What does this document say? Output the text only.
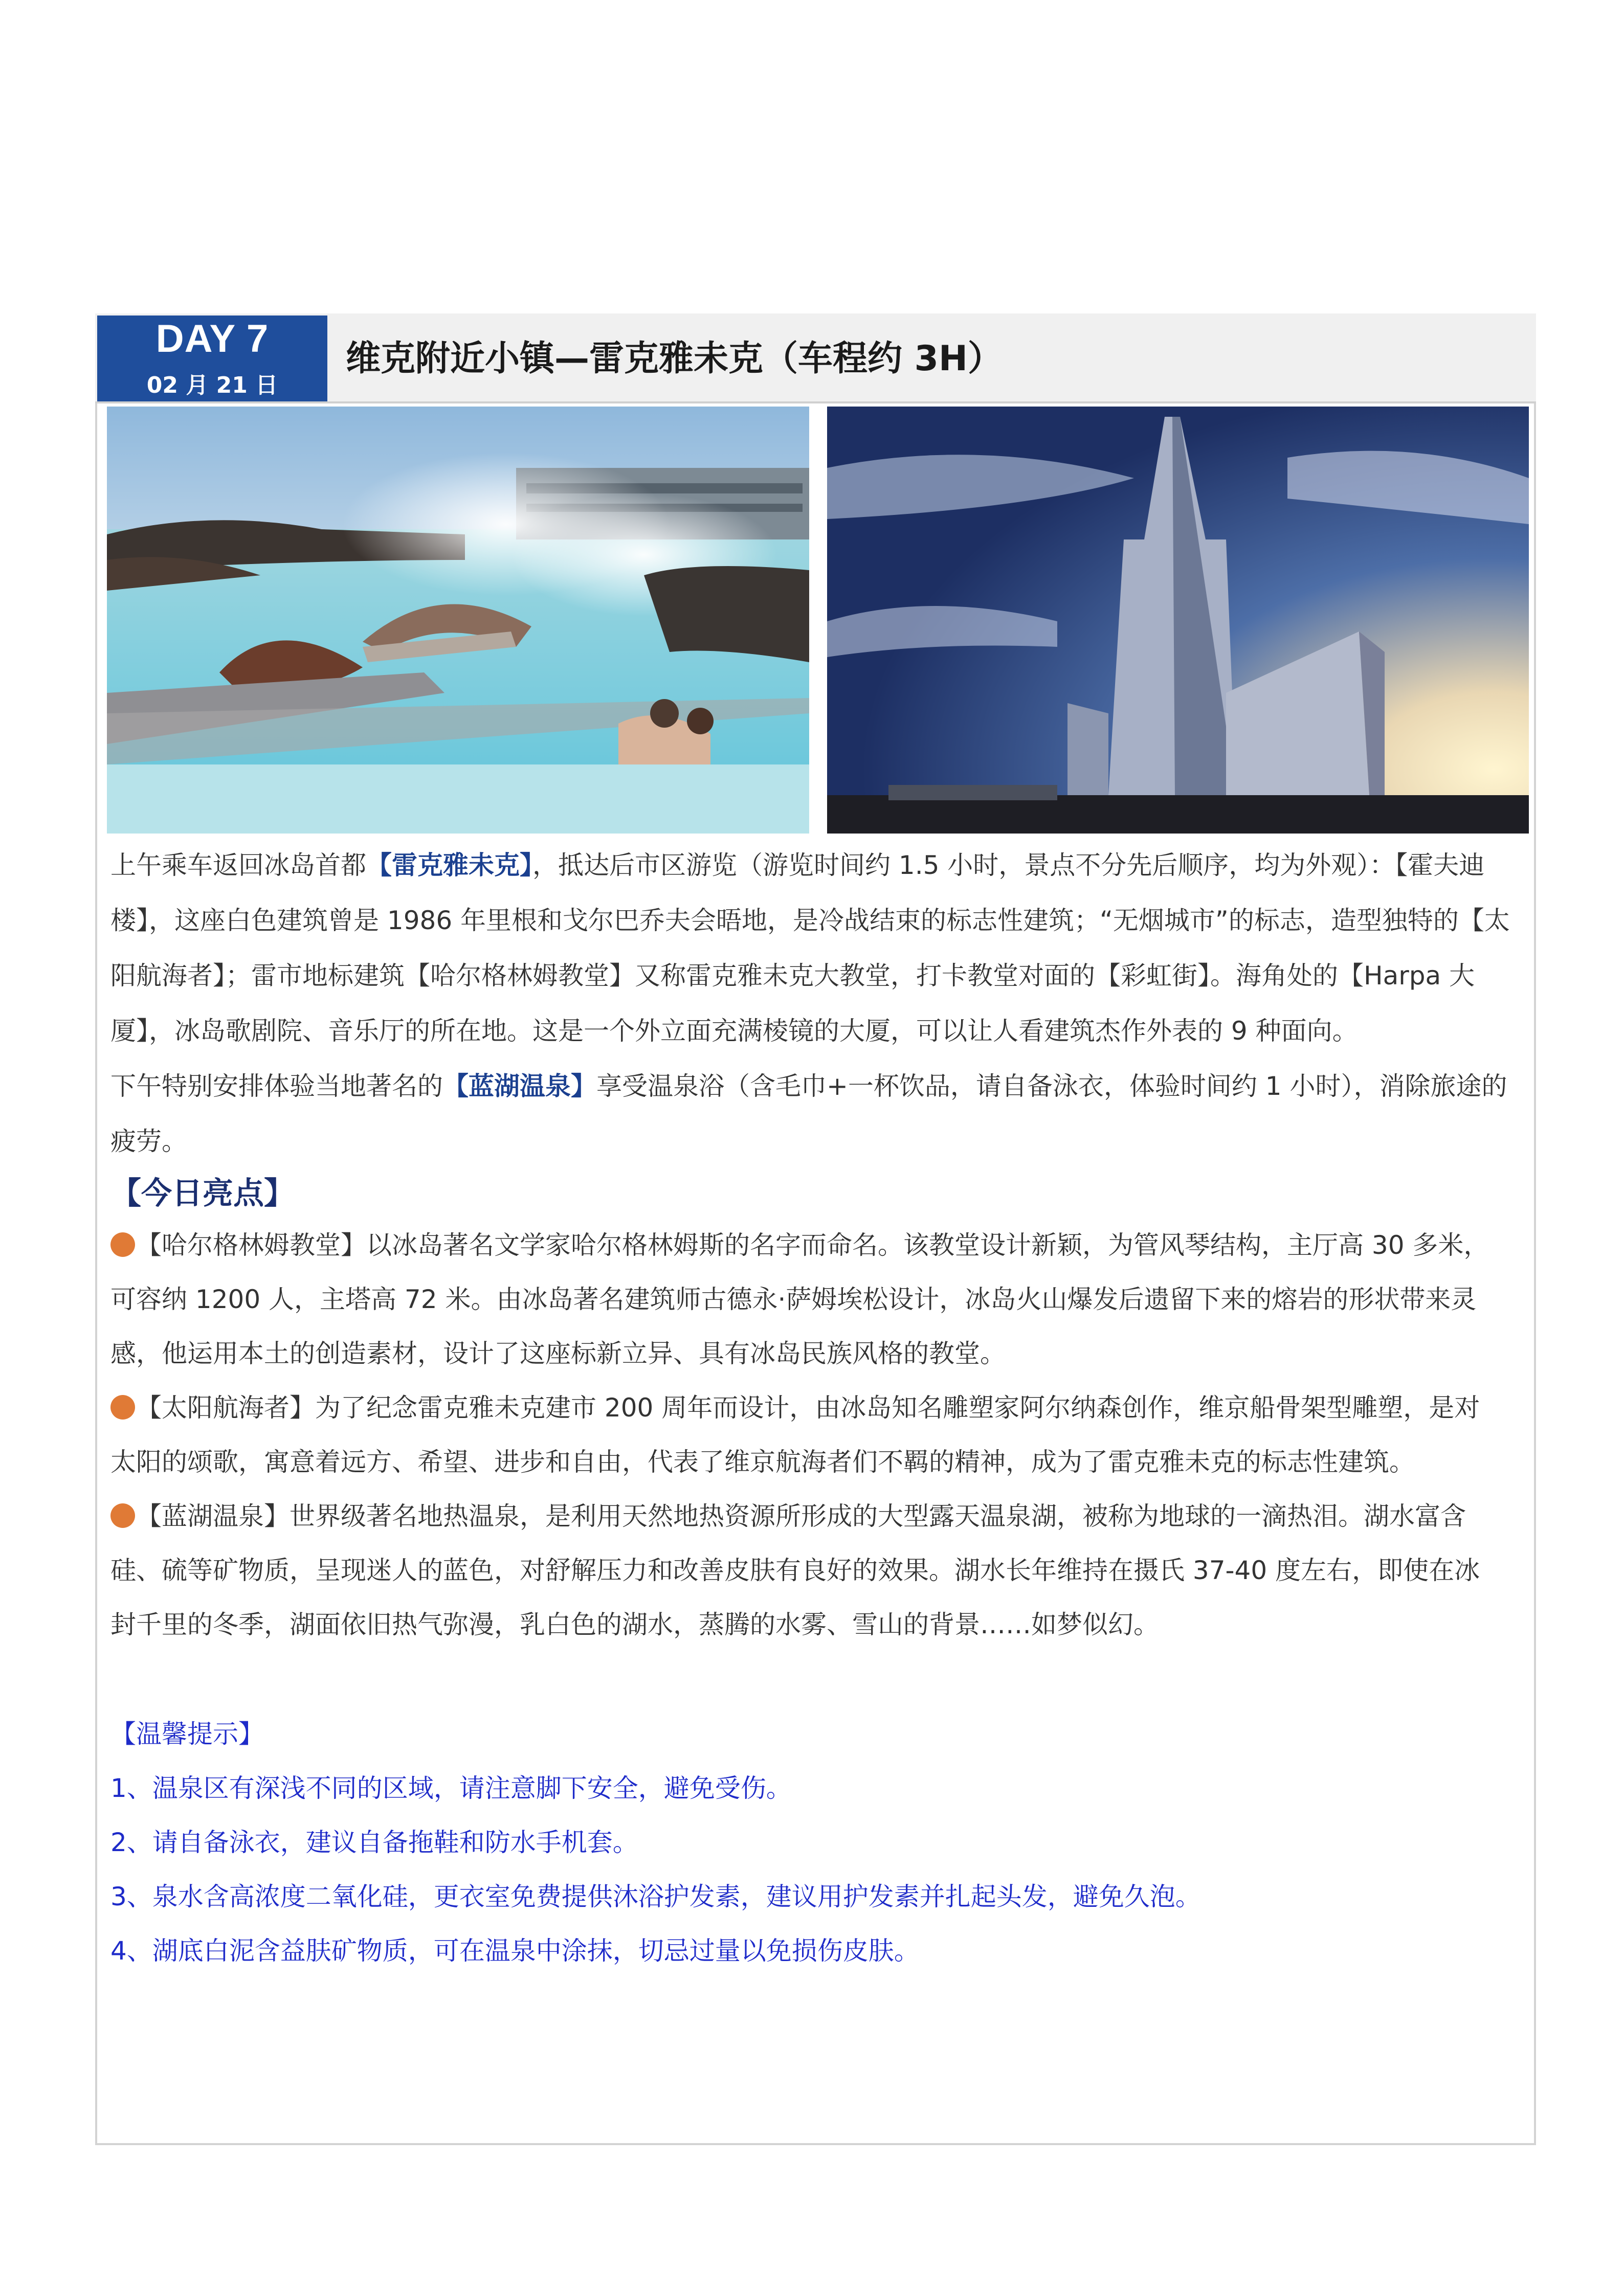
DAY 7
02 月 21 日
维克附近小镇—雷克雅未克（车程约 3H）

上午乘车返回冰岛首都【雷克雅未克】，抵达后市区游览（游览时间约 1.5 小时，景点不分先后顺序，均为外观）：【霍夫迪楼】，这座白色建筑曾是 1986 年里根和戈尔巴乔夫会晤地，是冷战结束的标志性建筑；“无烟城市”的标志，造型独特的【太阳航海者】；雷市地标建筑【哈尔格林姆教堂】又称雷克雅未克大教堂，打卡教堂对面的【彩虹街】。海角处的【Harpa 大厦】，冰岛歌剧院、音乐厅的所在地。这是一个外立面充满棱镜的大厦，可以让人看建筑杰作外表的 9 种面向。

下午特别安排体验当地著名的【蓝湖温泉】享受温泉浴（含毛巾+一杯饮品，请自备泳衣，体验时间约 1 小时），消除旅途的疲劳。

【今日亮点】

【哈尔格林姆教堂】以冰岛著名文学家哈尔格林姆斯的名字而命名。该教堂设计新颖，为管风琴结构，主厅高 30 多米，可容纳 1200 人，主塔高 72 米。由冰岛著名建筑师古德永·萨姆埃松设计，冰岛火山爆发后遗留下来的熔岩的形状带来灵感，他运用本土的创造素材，设计了这座标新立异、具有冰岛民族风格的教堂。

【太阳航海者】为了纪念雷克雅未克建市 200 周年而设计，由冰岛知名雕塑家阿尔纳森创作，维京船骨架型雕塑，是对太阳的颂歌，寓意着远方、希望、进步和自由，代表了维京航海者们不羁的精神，成为了雷克雅未克的标志性建筑。

【蓝湖温泉】世界级著名地热温泉，是利用天然地热资源所形成的大型露天温泉湖，被称为地球的一滴热泪。湖水富含硅、硫等矿物质，呈现迷人的蓝色，对舒解压力和改善皮肤有良好的效果。湖水长年维持在摄氏 37-40 度左右，即使在冰封千里的冬季，湖面依旧热气弥漫，乳白色的湖水，蒸腾的水雾、雪山的背景……如梦似幻。

【温馨提示】

1、温泉区有深浅不同的区域，请注意脚下安全，避免受伤。

2、请自备泳衣，建议自备拖鞋和防水手机套。

3、泉水含高浓度二氧化硅，更衣室免费提供沐浴护发素，建议用护发素并扎起头发，避免久泡。

4、湖底白泥含益肤矿物质，可在温泉中涂抹，切忌过量以免损伤皮肤。
